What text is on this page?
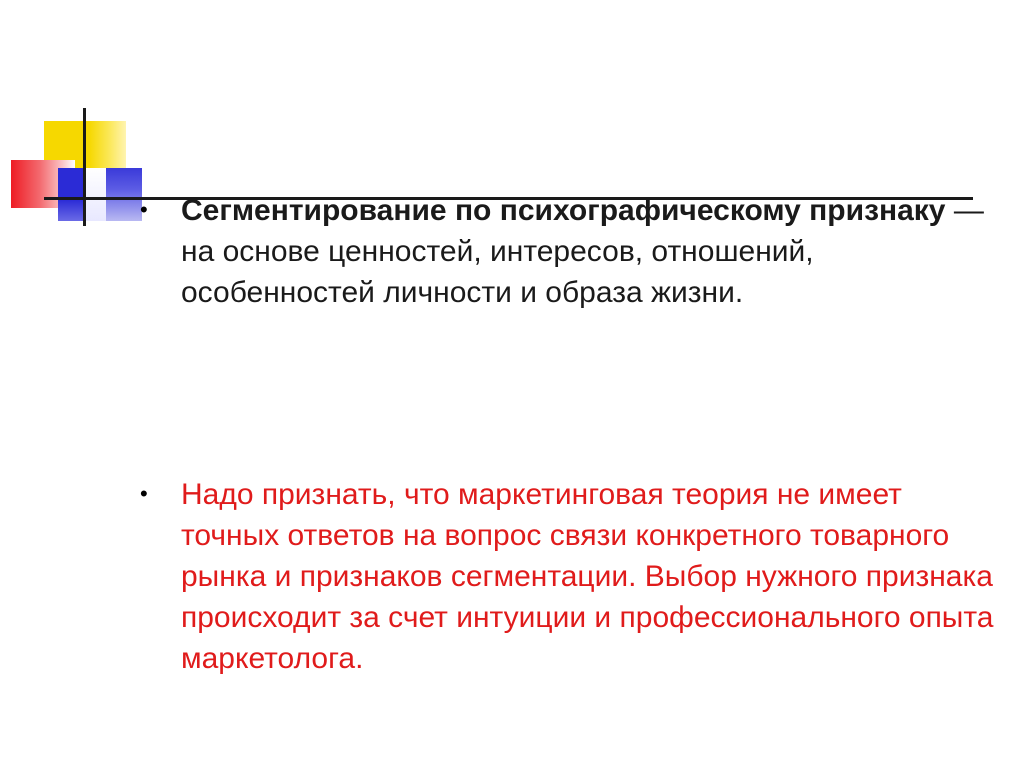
• Сегментирование по психографическому признаку — на основе ценностей, интересов, отношений, особенностей личности и образа жизни.
• Надо признать, что маркетинговая теория не имеет точных ответов на вопрос связи конкретного товарного рынка и признаков сегментации. Выбор нужного признака происходит за счет интуиции и профессионального опыта маркетолога.
